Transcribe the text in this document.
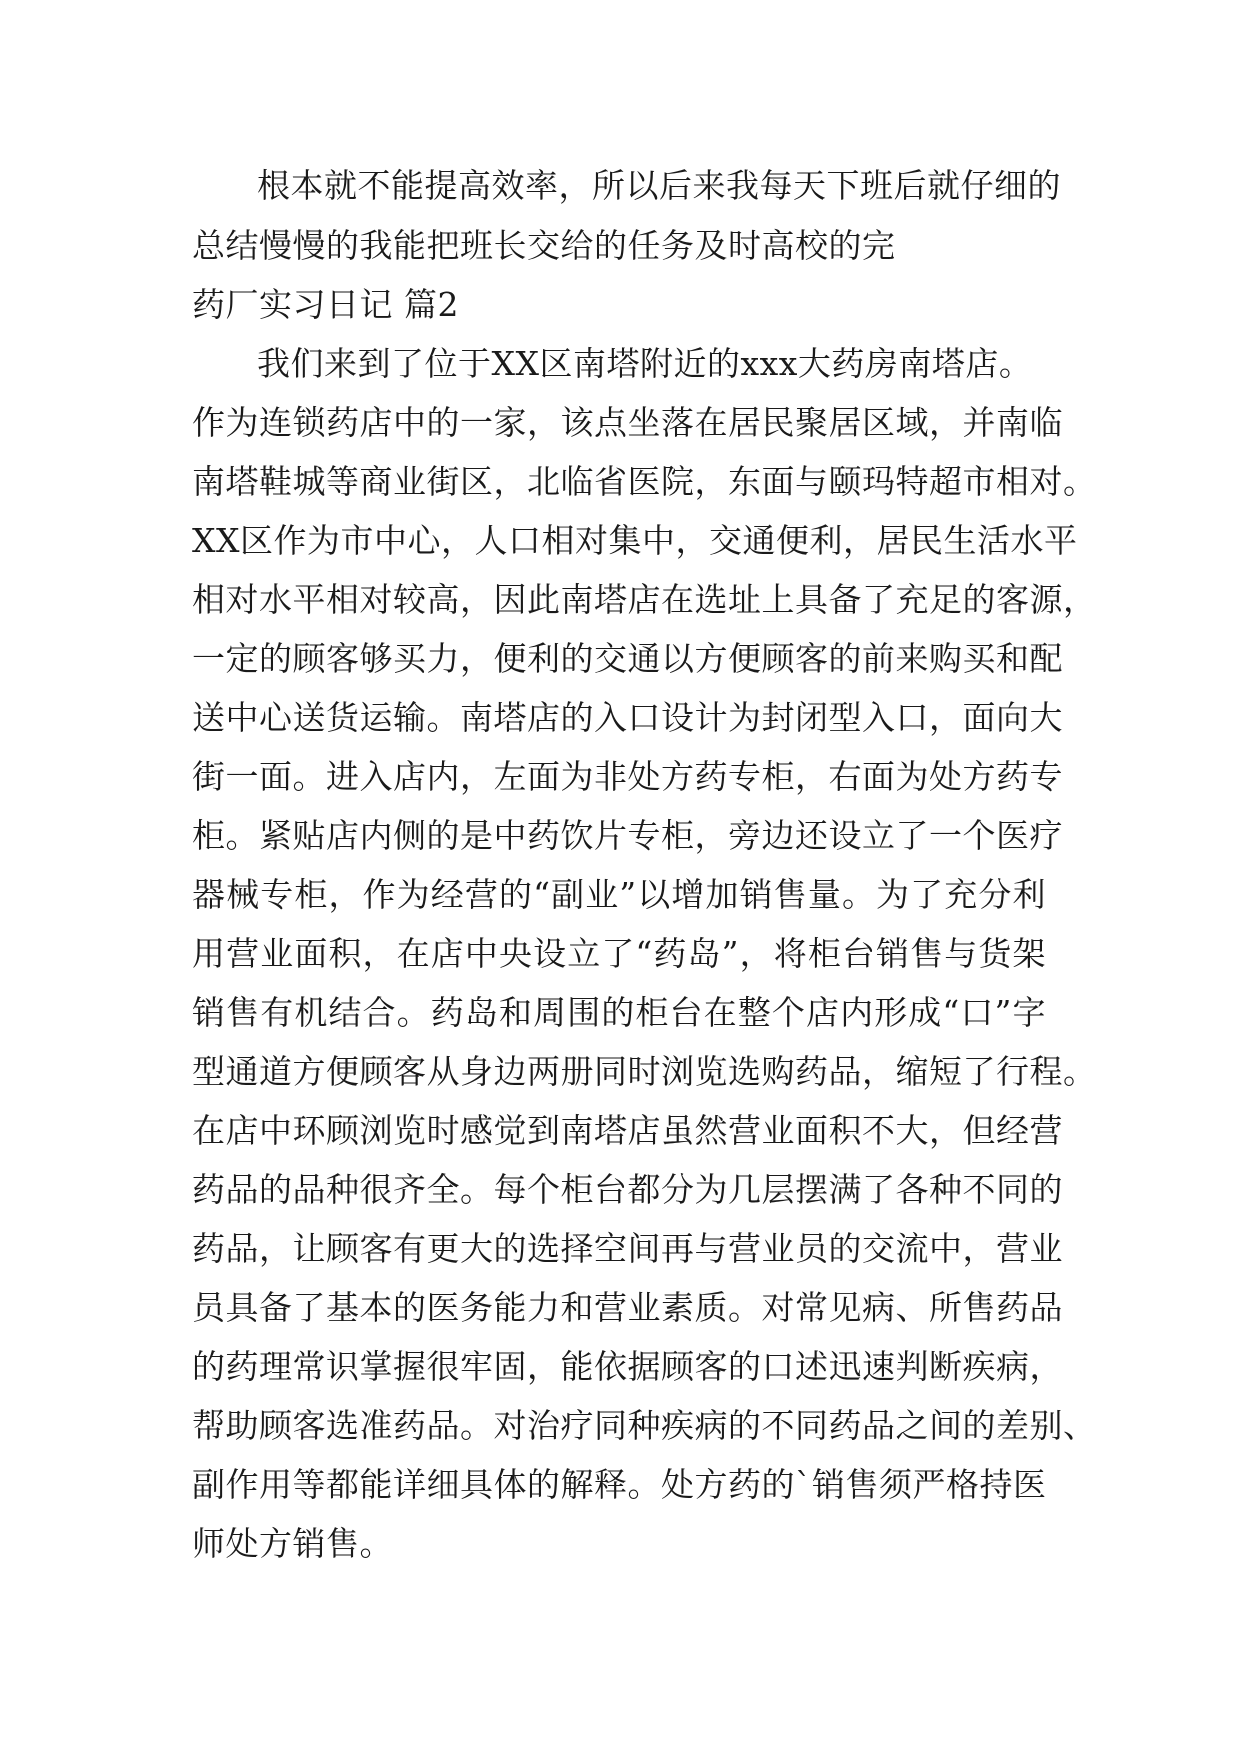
根本就不能提高效率，所以后来我每天下班后就仔细的
总结慢慢的我能把班长交给的任务及时高校的完
药厂实习日记 篇2
我们来到了位于XX区南塔附近的xxx大药房南塔店。
作为连锁药店中的一家，该点坐落在居民聚居区域，并南临
南塔鞋城等商业街区，北临省医院，东面与颐玛特超市相对。
XX区作为市中心，人口相对集中，交通便利，居民生活水平
相对水平相对较高，因此南塔店在选址上具备了充足的客源，
一定的顾客够买力，便利的交通以方便顾客的前来购买和配
送中心送货运输。南塔店的入口设计为封闭型入口，面向大
街一面。进入店内，左面为非处方药专柜，右面为处方药专
柜。紧贴店内侧的是中药饮片专柜，旁边还设立了一个医疗
器械专柜，作为经营的“副业”以增加销售量。为了充分利
用营业面积，在店中央设立了“药岛”，将柜台销售与货架
销售有机结合。药岛和周围的柜台在整个店内形成“口”字
型通道方便顾客从身边两册同时浏览选购药品，缩短了行程。
在店中环顾浏览时感觉到南塔店虽然营业面积不大，但经营
药品的品种很齐全。每个柜台都分为几层摆满了各种不同的
药品，让顾客有更大的选择空间再与营业员的交流中，营业
员具备了基本的医务能力和营业素质。对常见病、所售药品
的药理常识掌握很牢固，能依据顾客的口述迅速判断疾病，
帮助顾客选准药品。对治疗同种疾病的不同药品之间的差别、
副作用等都能详细具体的解释。处方药的`销售须严格持医
师处方销售。
